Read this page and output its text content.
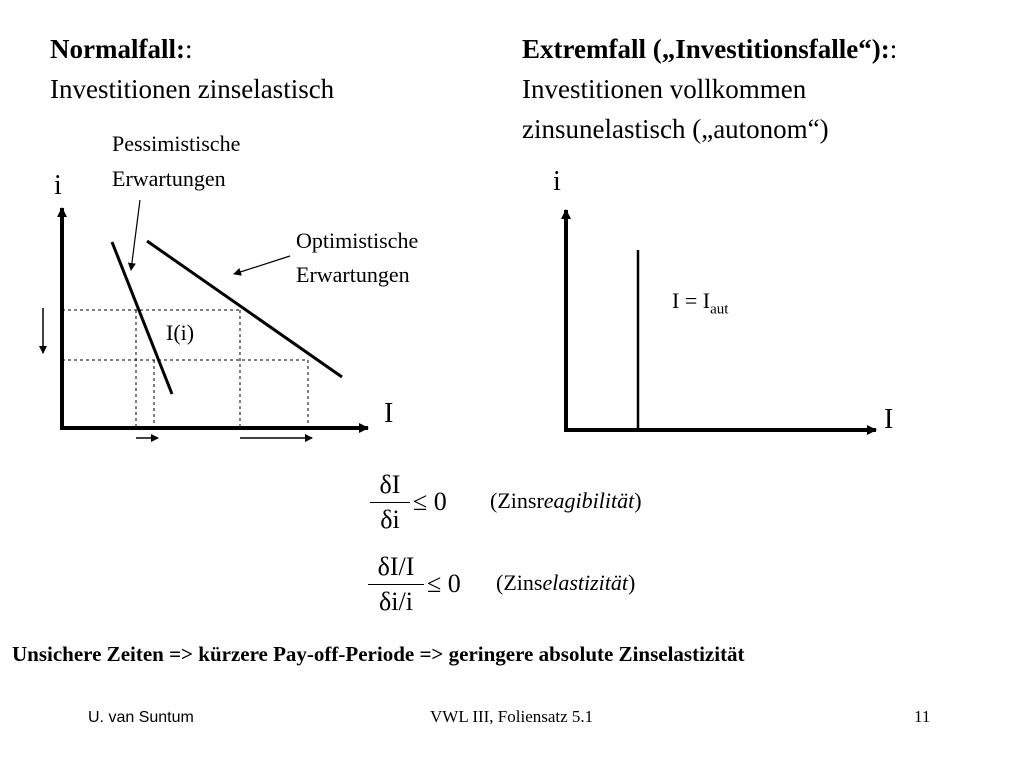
Normalfall::
Investitionen zinselastisch
Pessimistische
Erwartungen
Optimistische
Erwartungen
I(i)
i
I
Extremfall („Investitionsfalle“)::
Investitionen vollkommen
zinsunelastisch („autonom“)
i
I
$I = I_{aut}$
δI
δi
≤ 0 (Zinsreagibilität)
δI/I
δi/i
≤ 0 (Zinselastizität)
Unsichere Zeiten => kürzere Pay-off-Periode => geringere absolute Zinselastizität
U. van Suntum	VWL III, Foliensatz 5.1	11
